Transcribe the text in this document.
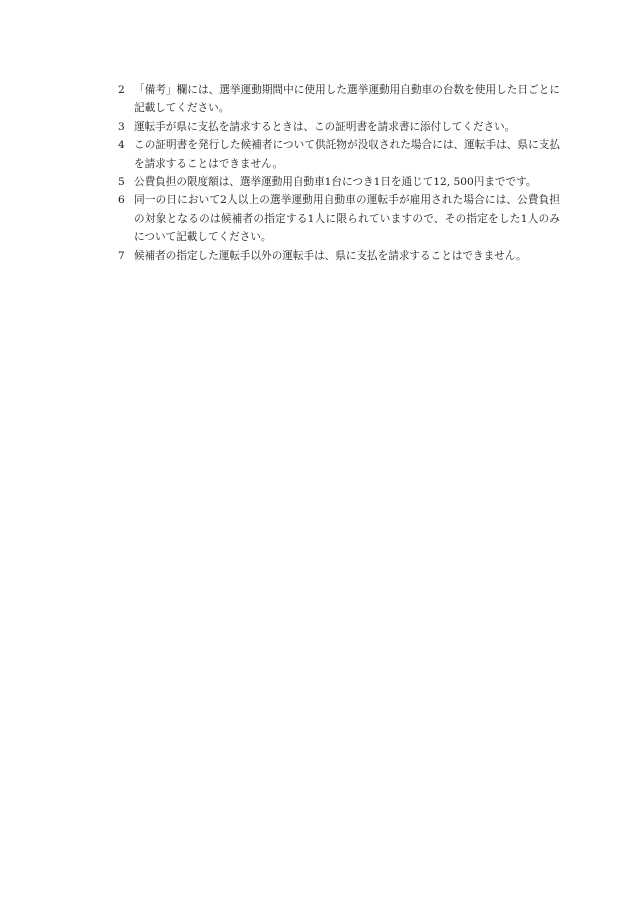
2 「備考」欄には、選挙運動期間中に使用した選挙運動用自動車の台数を使用した日ごとに記載してください。
3 運転手が県に支払を請求するときは、この証明書を請求書に添付してください。
4 この証明書を発行した候補者について供託物が没収された場合には、運転手は、県に支払を請求することはできません。
5 公費負担の限度額は、選挙運動用自動車1台につき1日を通じて12, 500円までです。
6 同一の日において2人以上の選挙運動用自動車の運転手が雇用された場合には、公費負担の対象となるのは候補者の指定する1人に限られていますので、その指定をした1人のみについて記載してください。
7 候補者の指定した運転手以外の運転手は、県に支払を請求することはできません。
